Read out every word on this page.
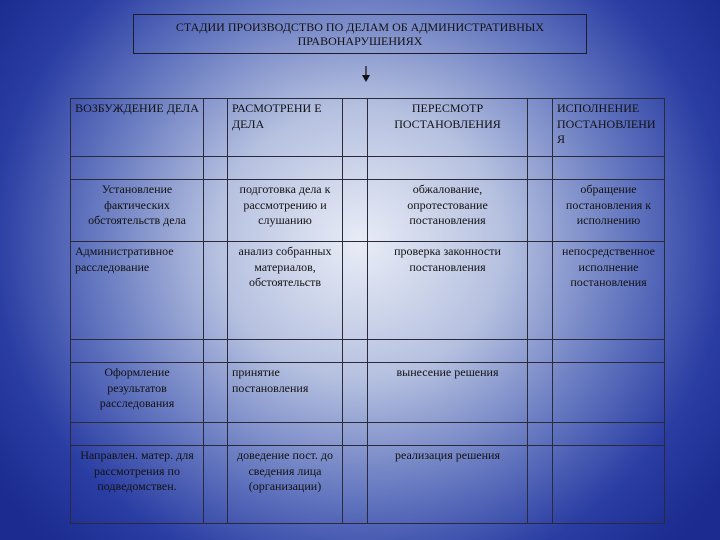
СТАДИИ ПРОИЗВОДСТВО ПО ДЕЛАМ ОБ АДМИНИСТРАТИВНЫХ ПРАВОНАРУШЕНИЯХ
ВОЗБУЖДЕНИЕ ДЕЛА		РАСМОТРЕНИ Е ДЕЛА		ПЕРЕСМОТР ПОСТАНОВЛЕНИЯ		ИСПОЛНЕНИЕ ПОСТАНОВЛЕНИ Я

Установление фактических обстоятельств дела		подготовка дела к рассмотрению и слушанию		обжалование, опротестование постановления		обращение постановления к исполнению
Административное расследование		анализ собранных материалов, обстоятельств		проверка законности постановления		непосредственное исполнение постановления

Оформление результатов расследования		принятие постановления		вынесение решения		

Направлен. матер. для рассмотрения по подведомствен.		доведение пост. до сведения лица (организации)		реализация решения		
